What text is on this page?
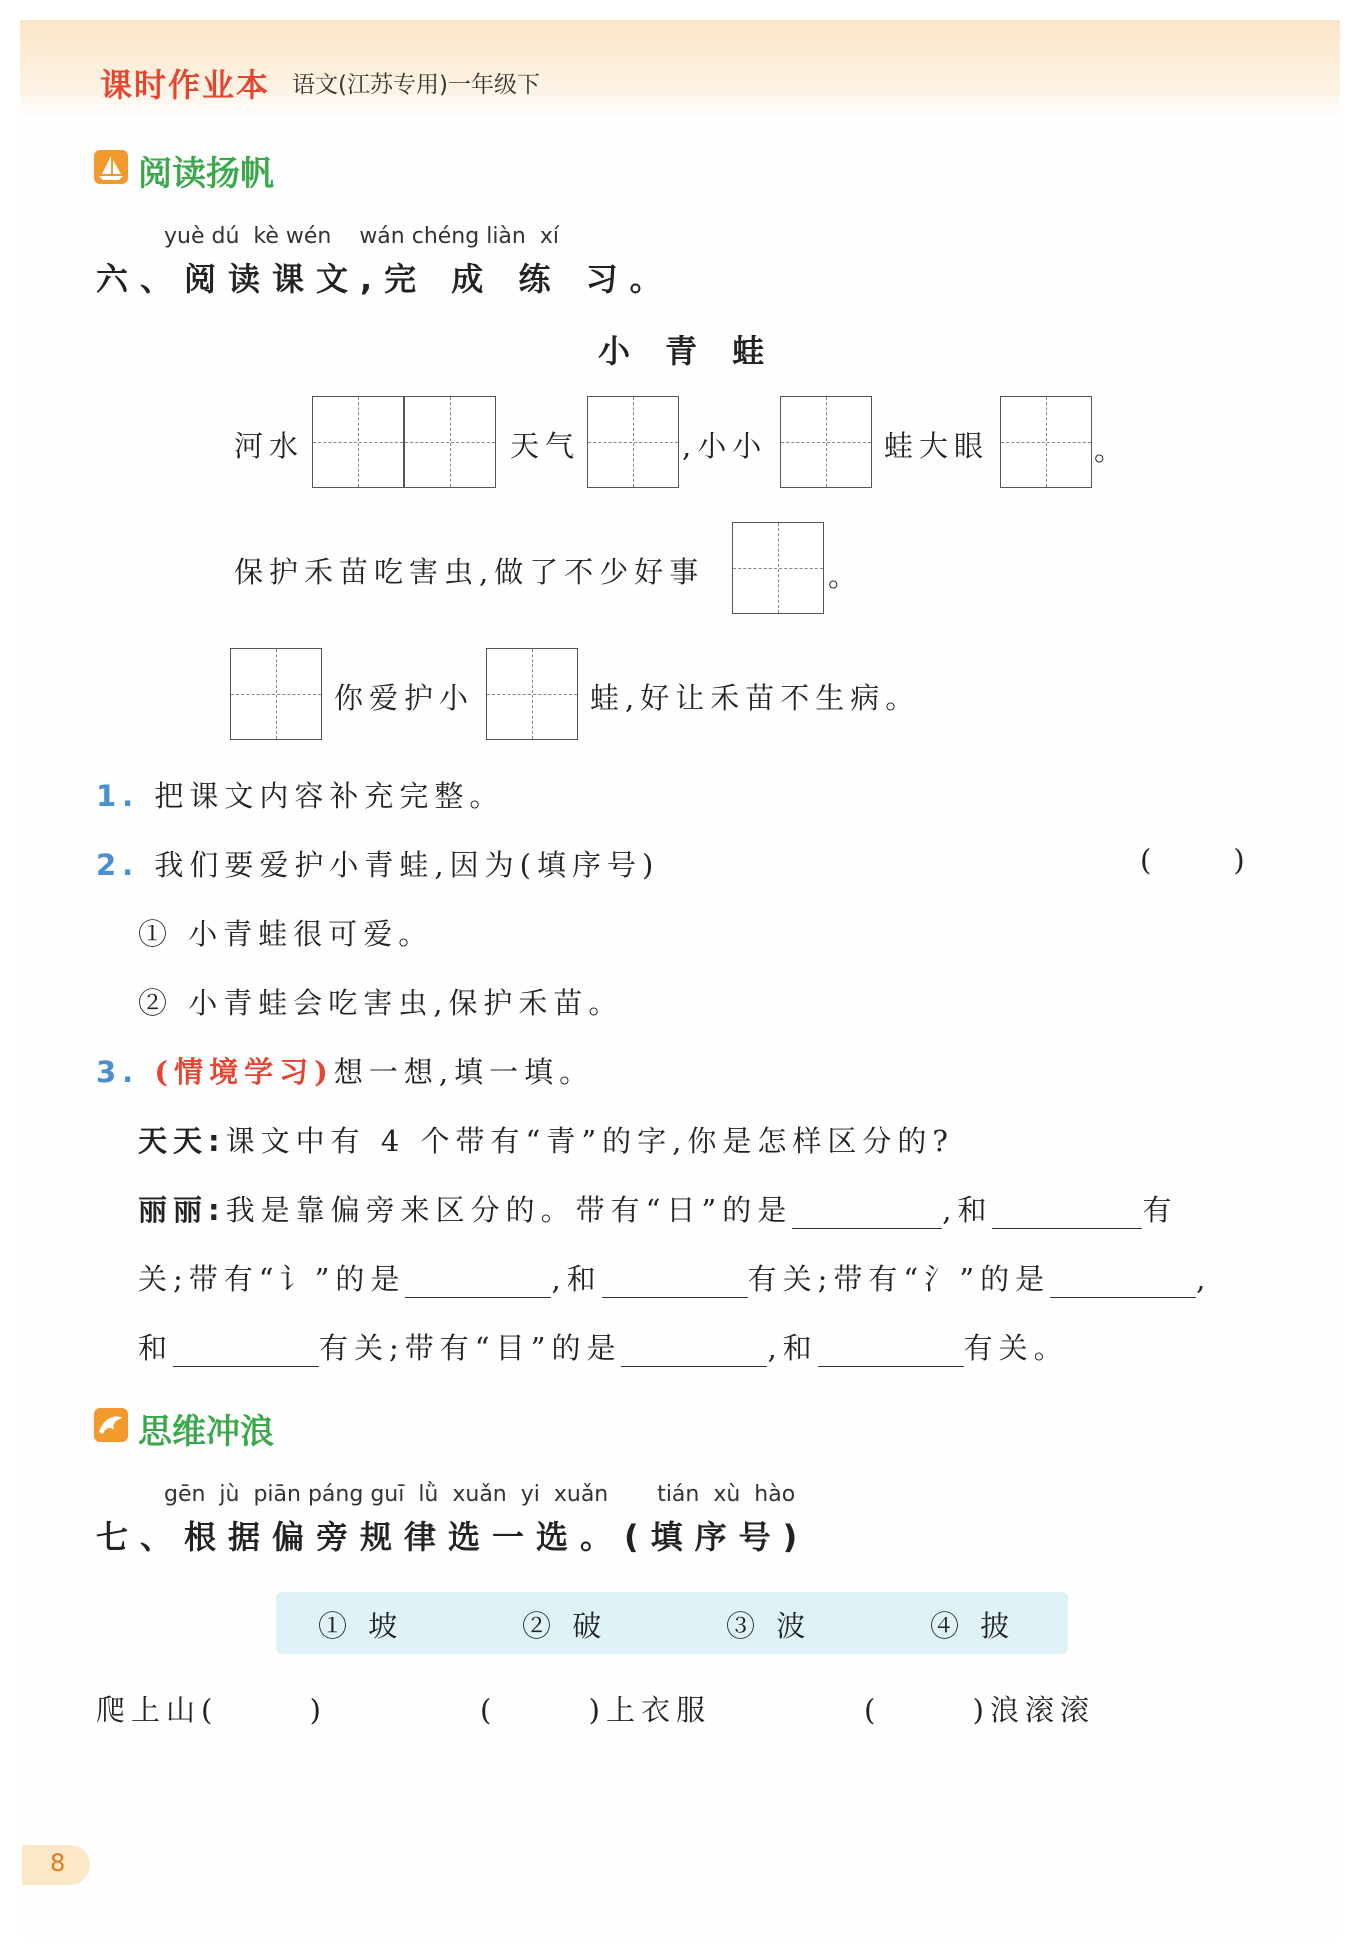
课时作业本 语文(江苏专用)一年级下
阅读扬帆
yuè dú  kè wén    wán chéng liàn  xí
六、阅读课文,完 成 练 习。
小 青 蛙
河水	天气	,小小	蛙大眼	。
保护禾苗吃害虫,做了不少好事	。
你爱护小	蛙,好让禾苗不生病。
1. 把课文内容补充完整。
2. 我们要爱护小青蛙,因为(填序号)	(     )
① 小青蛙很可爱。
② 小青蛙会吃害虫,保护禾苗。
3. (情境学习)想一想,填一填。
天天:课文中有 4 个带有“青”的字,你是怎样区分的?
丽丽:我是靠偏旁来区分的。带有“日”的是	,和	有
关;带有“讠”的是	,和	有关;带有“氵”的是	,
和	有关;带有“目”的是	,和	有关。
思维冲浪
gēn  jù  piān páng guī  lǜ  xuǎn  yi  xuǎn       tián  xù  hào
七、根据偏旁规律选一选。(填序号)
① 坡	② 破	③ 波	④ 披
爬上山(      )	(      )上衣服	(      )浪滚滚
8
